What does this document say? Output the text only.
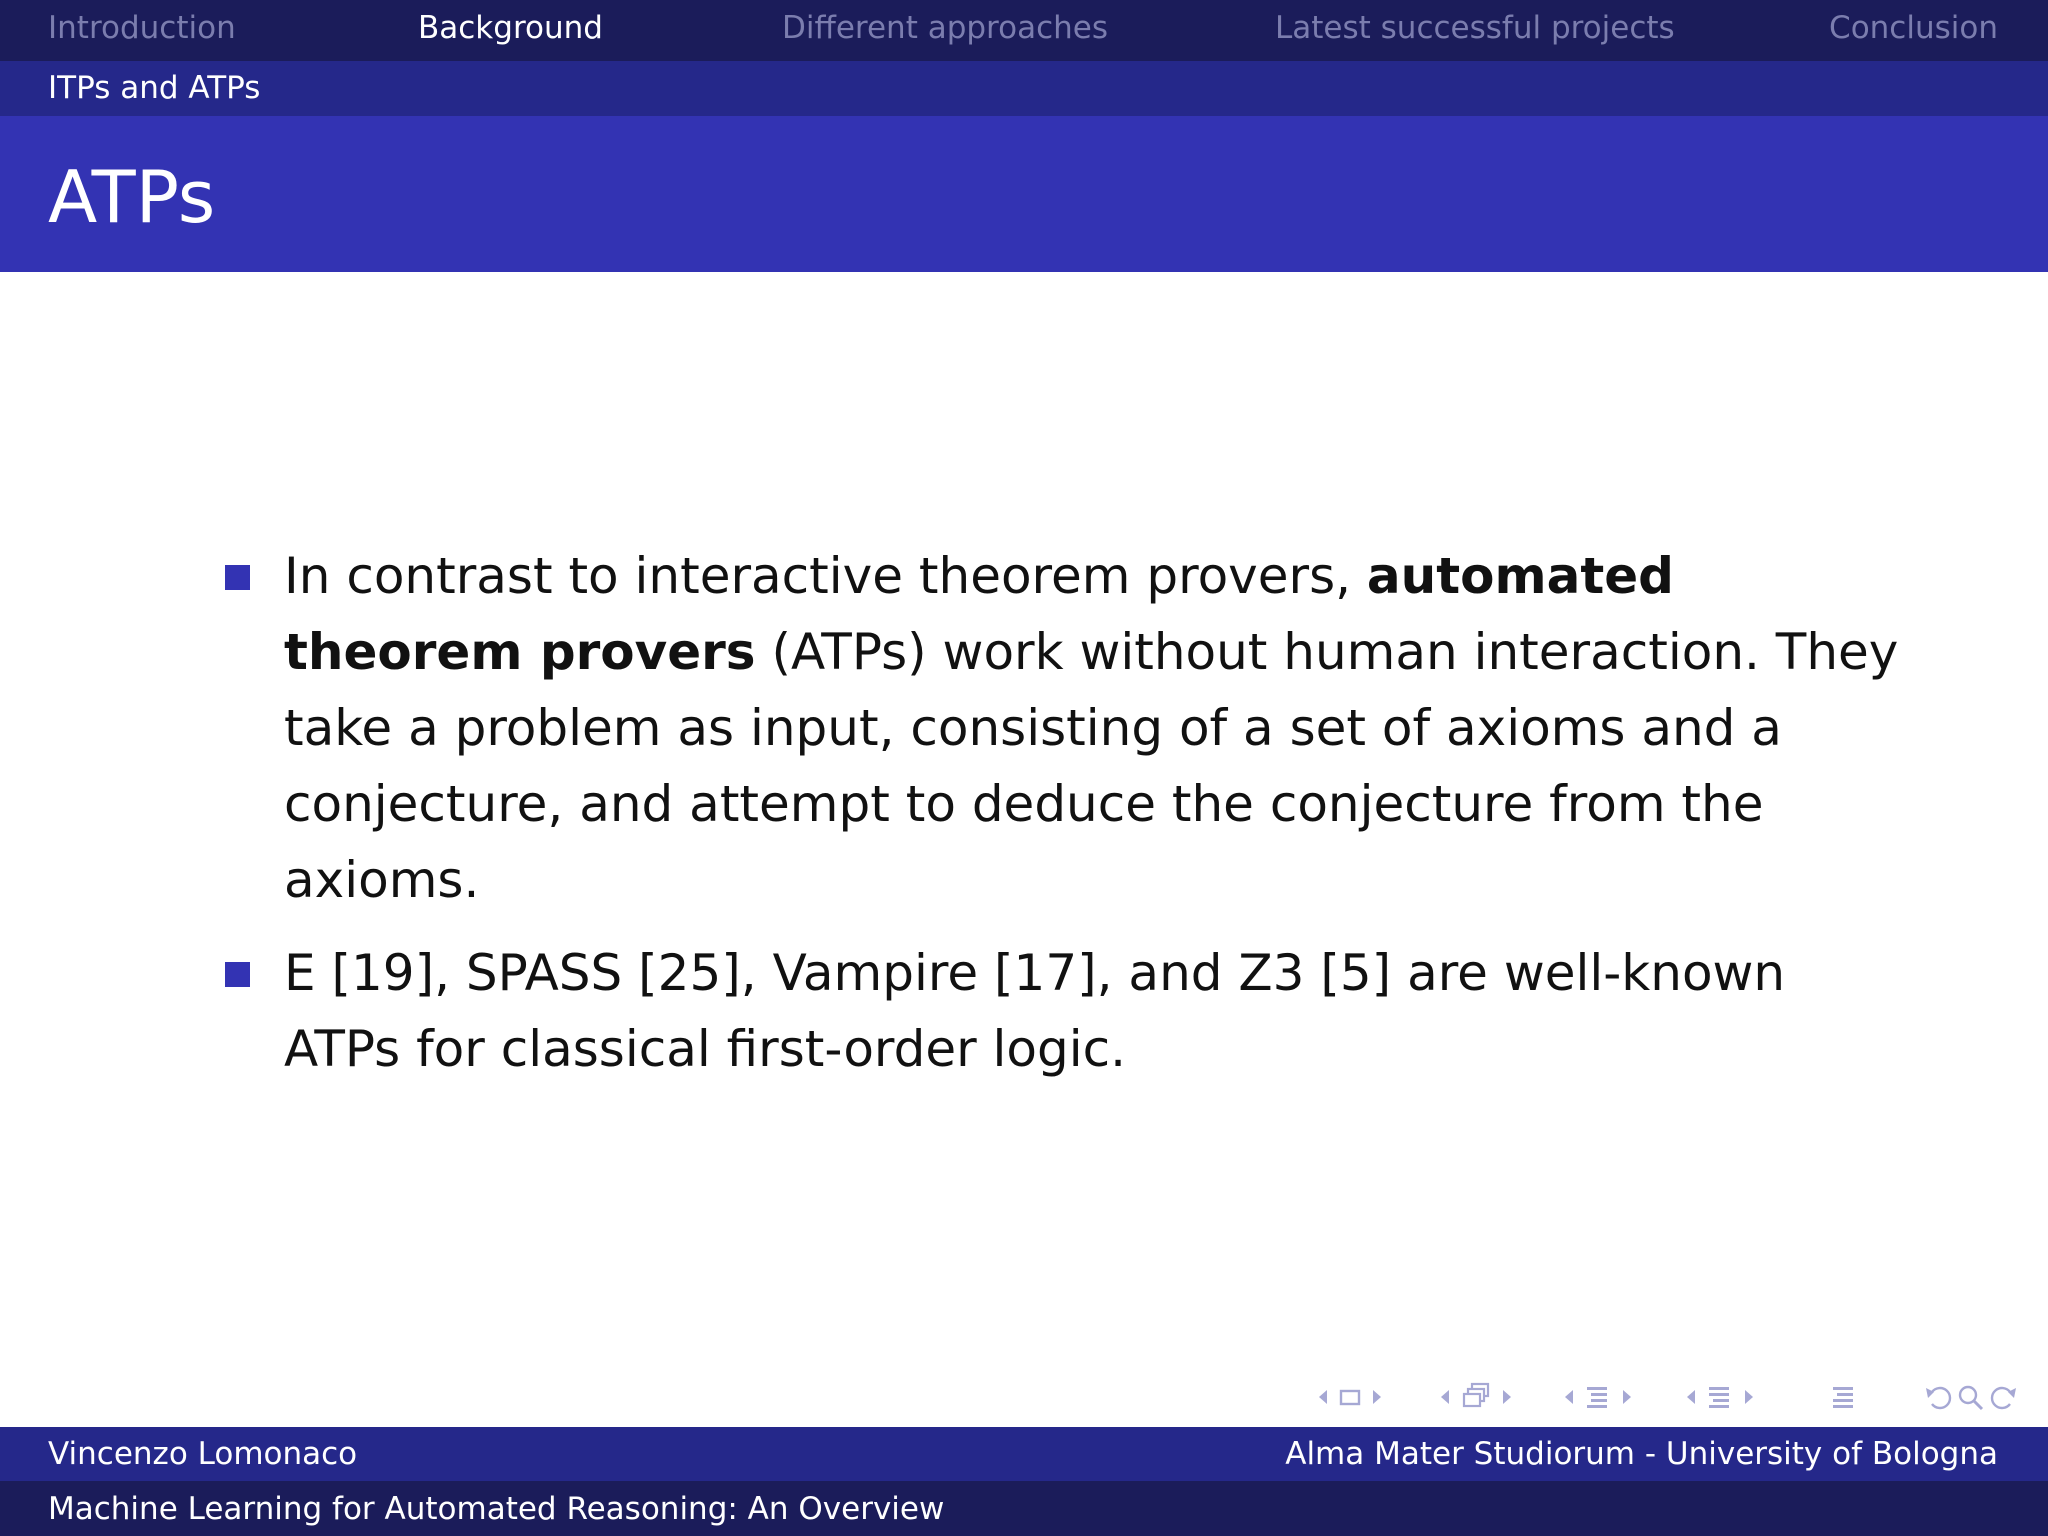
Introduction	Background	Different approaches	Latest successful projects	Conclusion
ITPs and ATPs
ATPs
In contrast to interactive theorem provers, automated theorem provers (ATPs) work without human interaction. They take a problem as input, consisting of a set of axioms and a conjecture, and attempt to deduce the conjecture from the axioms.
E [19], SPASS [25], Vampire [17], and Z3 [5] are well-known ATPs for classical first-order logic.
Vincenzo Lomonaco	Alma Mater Studiorum - University of Bologna
Machine Learning for Automated Reasoning: An Overview
